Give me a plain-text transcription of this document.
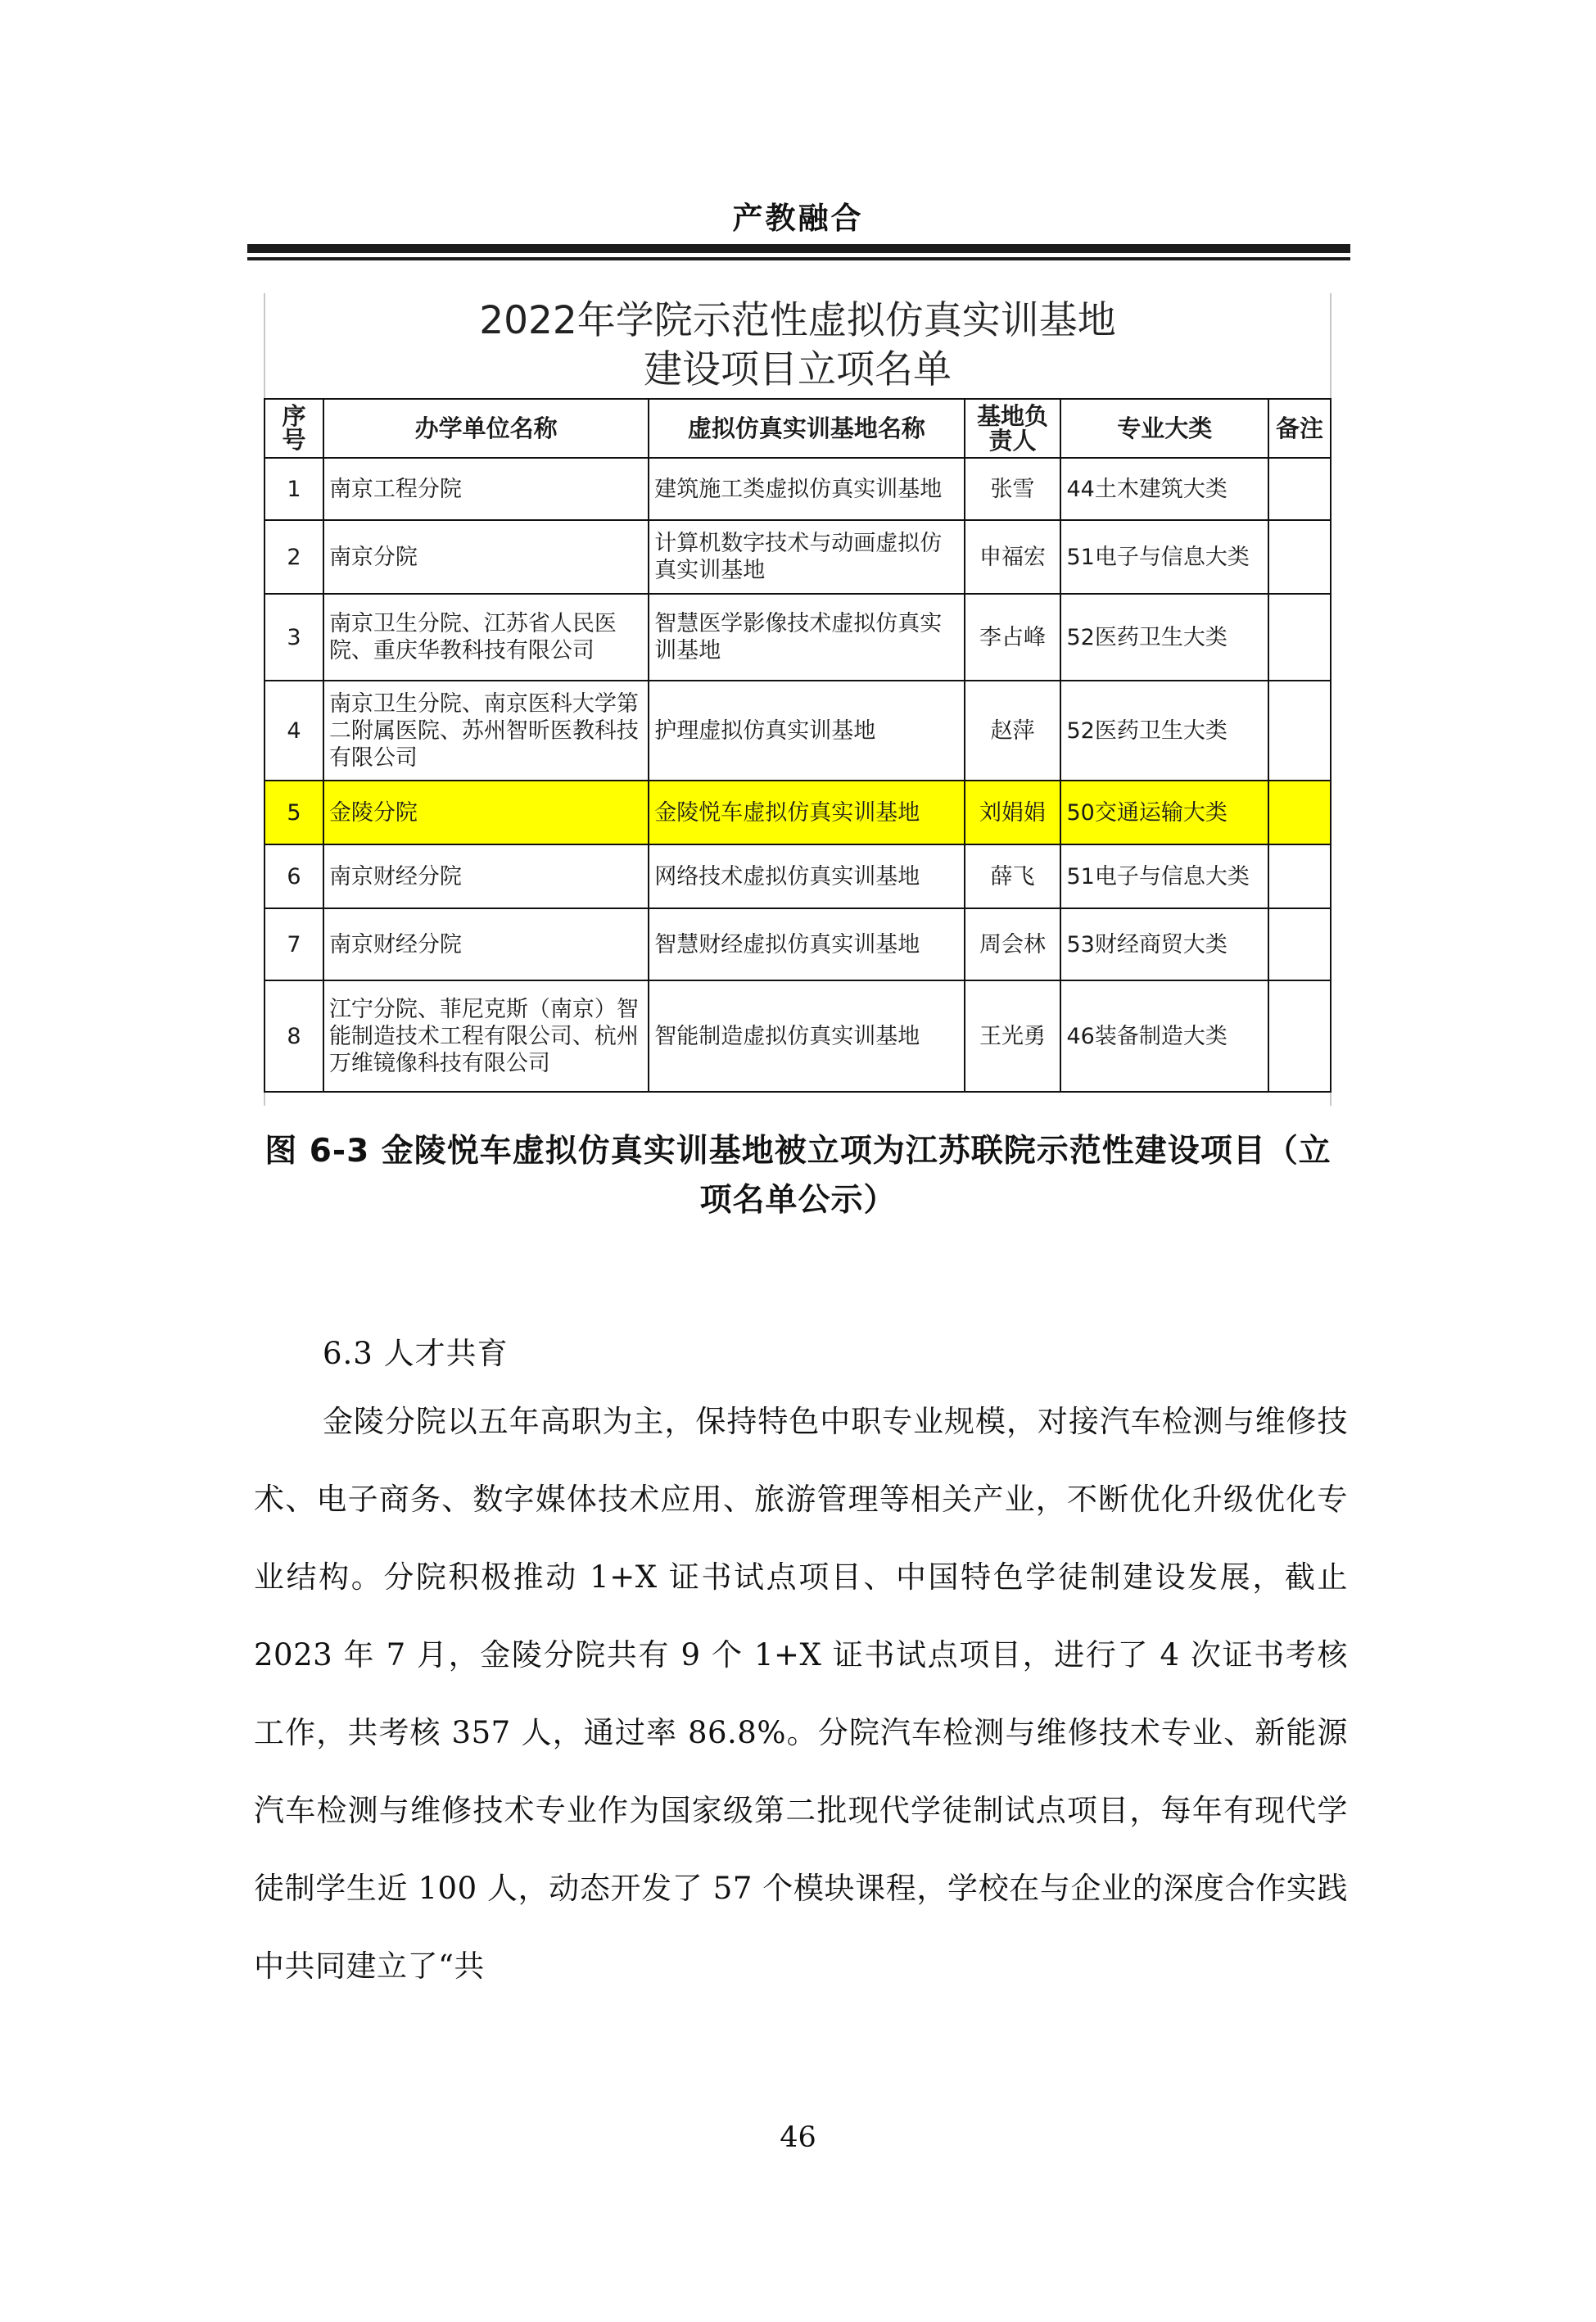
产教融合
2022年学院示范性虚拟仿真实训基地
建设项目立项名单
序号	办学单位名称	虚拟仿真实训基地名称	基地负责人	专业大类	备注
1	南京工程分院	建筑施工类虚拟仿真实训基地	张雪	44土木建筑大类	
2	南京分院	计算机数字技术与动画虚拟仿真实训基地	申福宏	51电子与信息大类	
3	南京卫生分院、江苏省人民医院、重庆华教科技有限公司	智慧医学影像技术虚拟仿真实训基地	李占峰	52医药卫生大类	
4	南京卫生分院、南京医科大学第二附属医院、苏州智昕医教科技有限公司	护理虚拟仿真实训基地	赵萍	52医药卫生大类	
5	金陵分院	金陵悦车虚拟仿真实训基地	刘娟娟	50交通运输大类	
6	南京财经分院	网络技术虚拟仿真实训基地	薛飞	51电子与信息大类	
7	南京财经分院	智慧财经虚拟仿真实训基地	周会林	53财经商贸大类	
8	江宁分院、菲尼克斯（南京）智能制造技术工程有限公司、杭州万维镜像科技有限公司	智能制造虚拟仿真实训基地	王光勇	46装备制造大类	
图 6-3 金陵悦车虚拟仿真实训基地被立项为江苏联院示范性建设项目（立项名单公示）
6.3 人才共育
金陵分院以五年高职为主，保持特色中职专业规模，对接汽车检测与维修技术、电子商务、数字媒体技术应用、旅游管理等相关产业，不断优化升级优化专业结构。分院积极推动 1+X 证书试点项目、中国特色学徒制建设发展，截止 2023 年 7 月，金陵分院共有 9 个 1+X 证书试点项目，进行了 4 次证书考核工作，共考核 357 人，通过率 86.8%。分院汽车检测与维修技术专业、新能源汽车检测与维修技术专业作为国家级第二批现代学徒制试点项目，每年有现代学徒制学生近 100 人，动态开发了 57 个模块课程，学校在与企业的深度合作实践中共同建立了“共
46
